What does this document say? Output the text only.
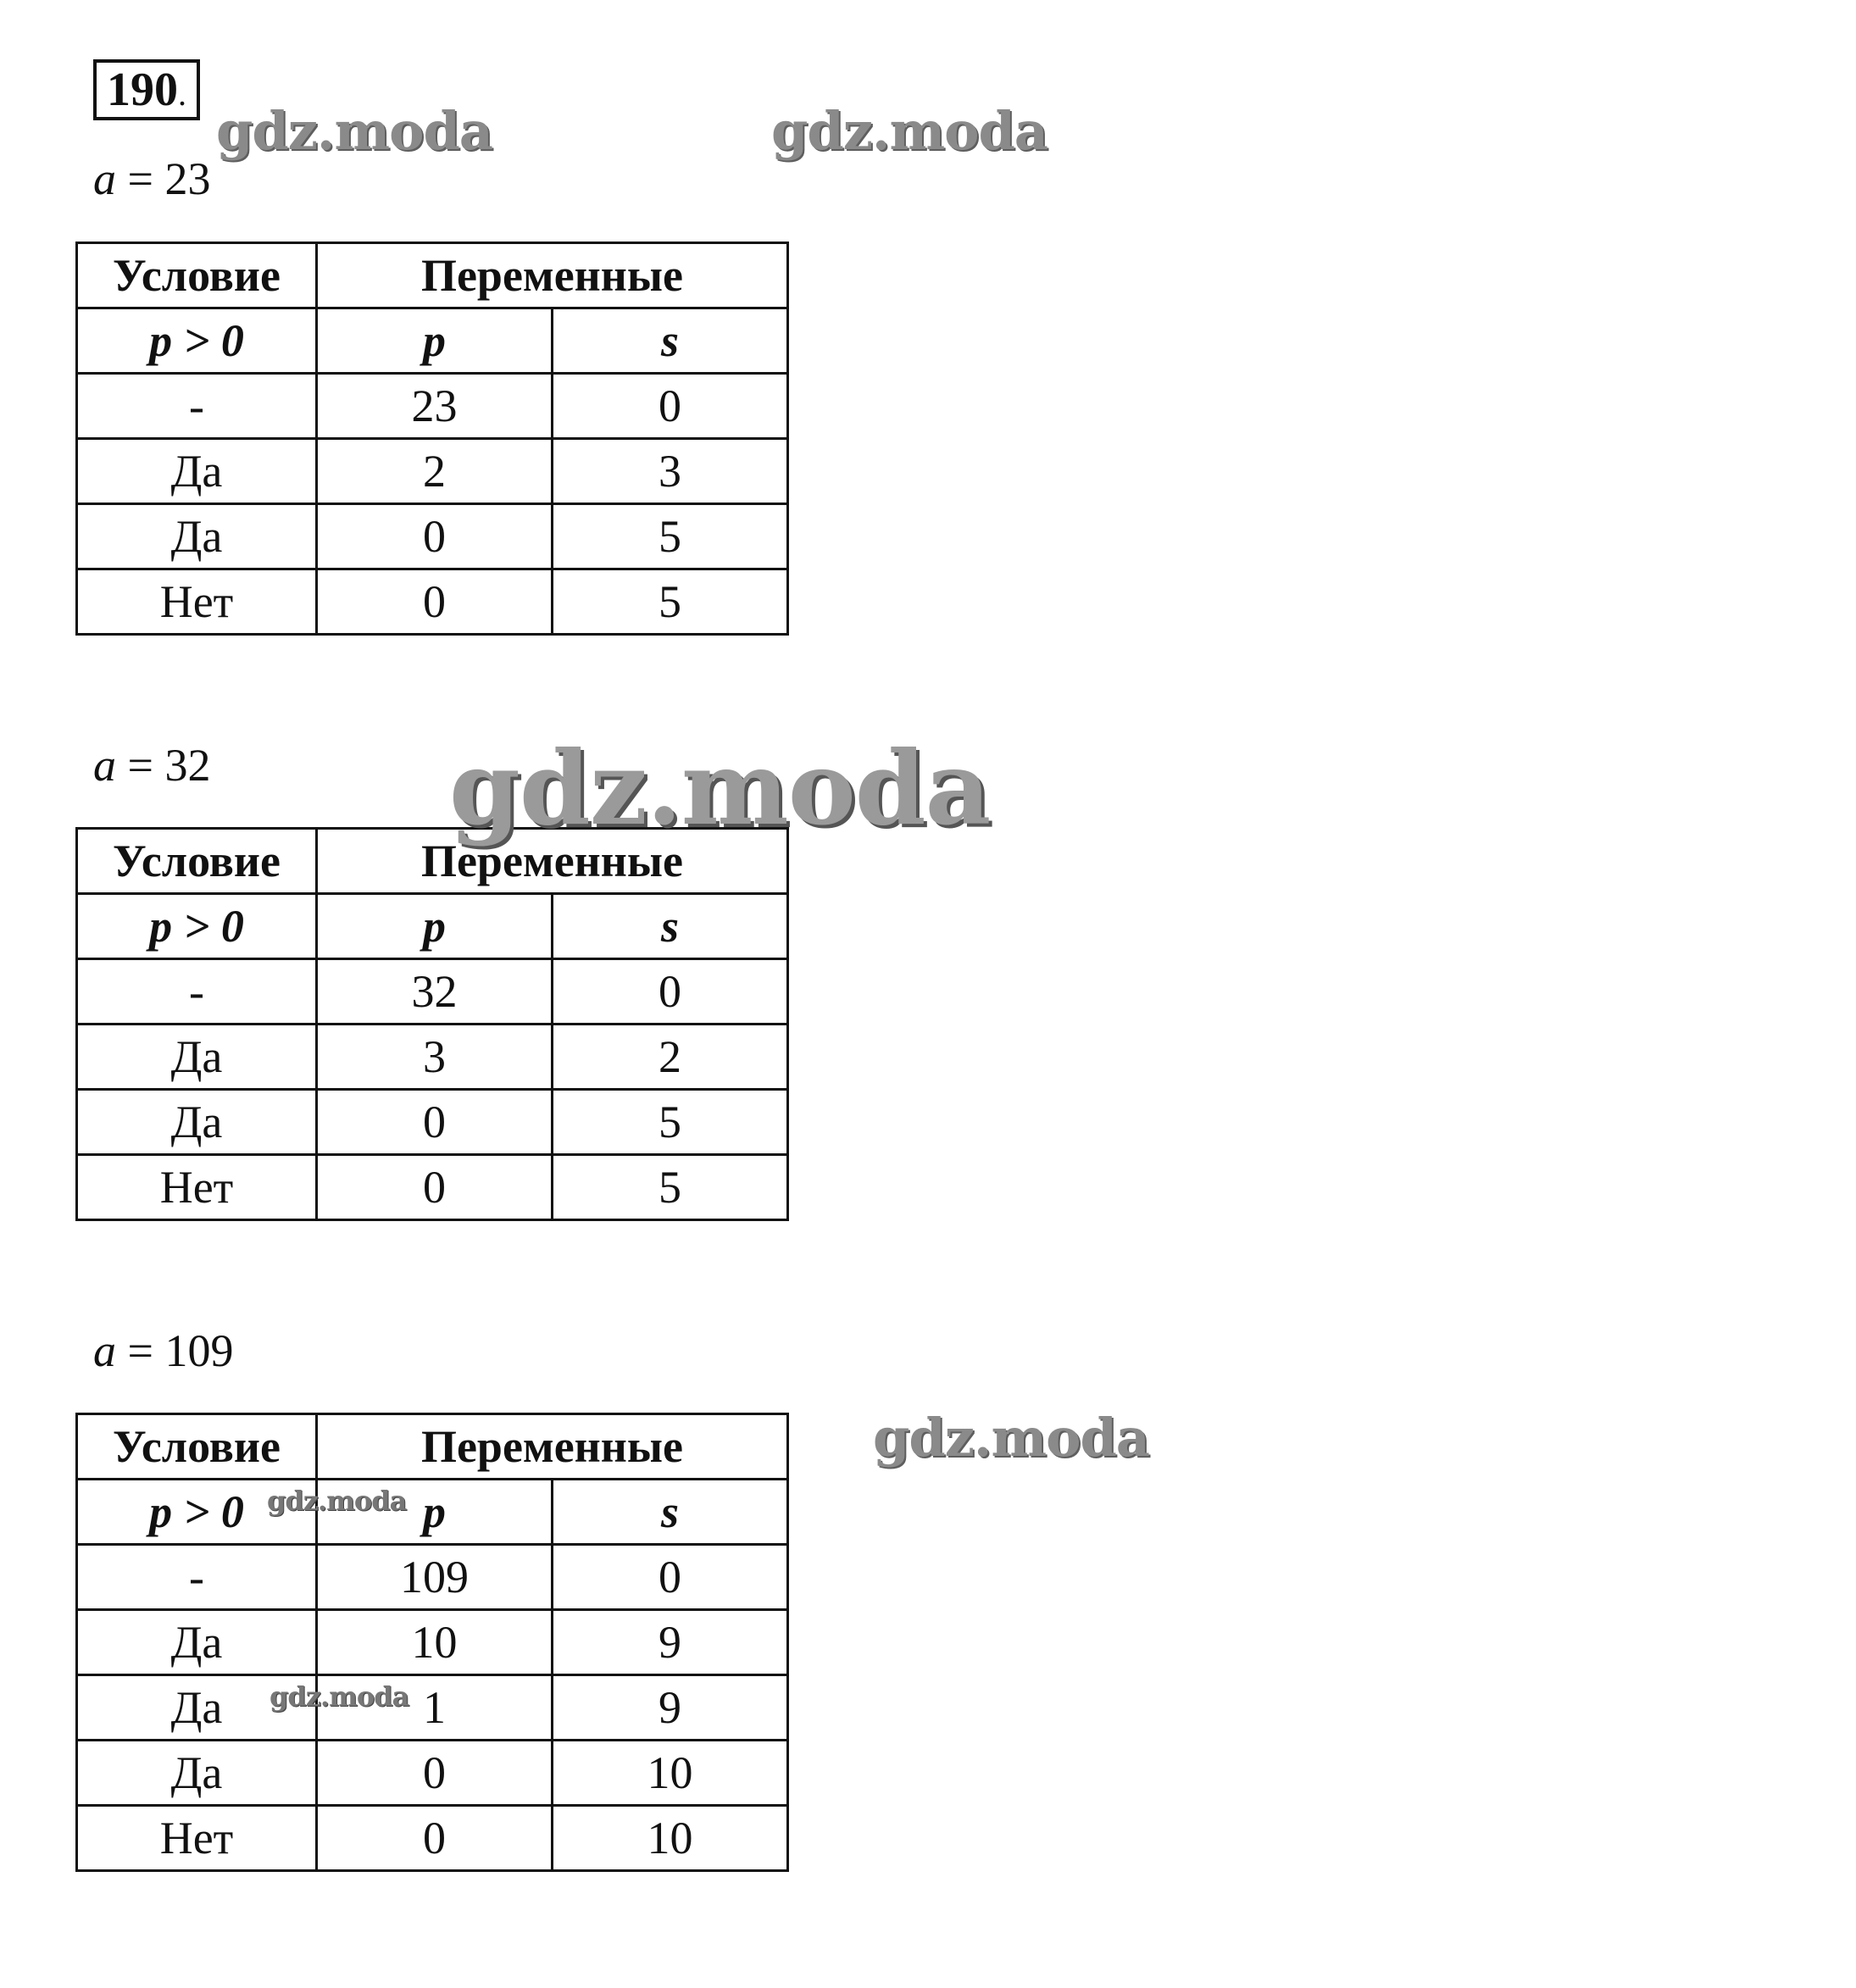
190.
a = 23
Условие	Переменные	
p > 0	p	s
-	23	0
Да	2	3
Да	0	5
Нет	0	5
a = 32
Условие	Переменные	
p > 0	p	s
-	32	0
Да	3	2
Да	0	5
Нет	0	5
a = 109
Условие	Переменные	
p > 0	p	s
-	109	0
Да	10	9
Да	1	9
Да	0	10
Нет	0	10
gdz.moda	gdz.moda
gdz.moda
gdz.moda
gdz.moda
gdz.moda
